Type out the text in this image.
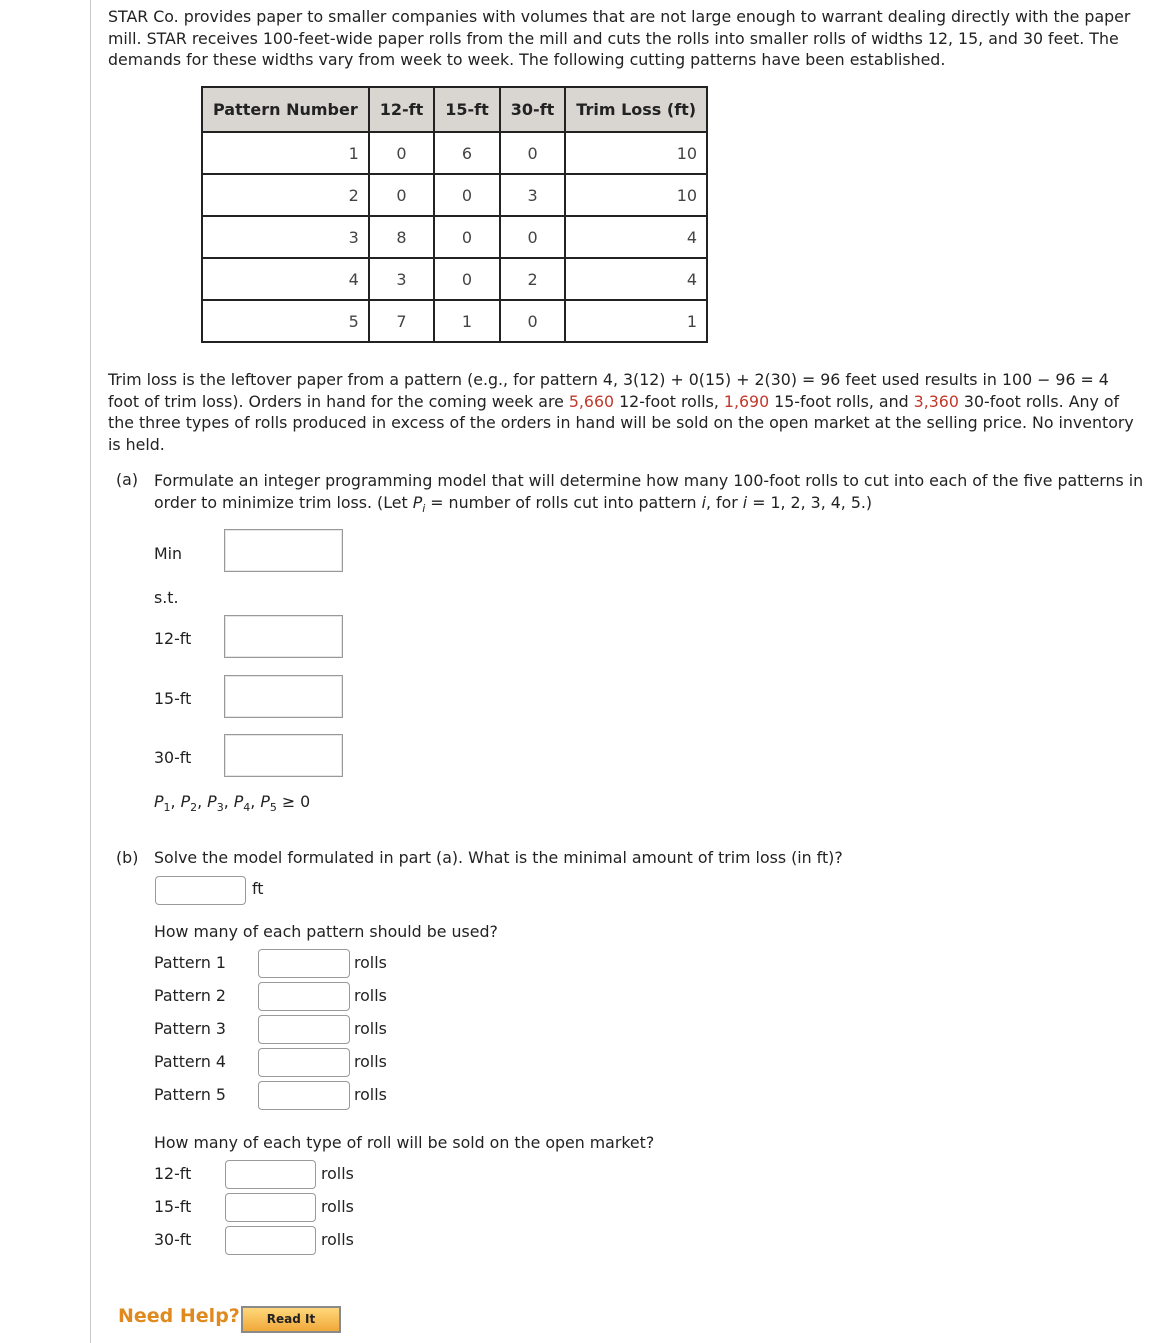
STAR Co. provides paper to smaller companies with volumes that are not large enough to warrant dealing directly with the paper
mill. STAR receives 100-feet-wide paper rolls from the mill and cuts the rolls into smaller rolls of widths 12, 15, and 30 feet. The
demands for these widths vary from week to week. The following cutting patterns have been established.
Pattern Number	12-ft	15-ft	30-ft	Trim Loss (ft)
1	0	6	0	10
2	0	0	3	10
3	8	0	0	4
4	3	0	2	4
5	7	1	0	1
Trim loss is the leftover paper from a pattern (e.g., for pattern 4, 3(12) + 0(15) + 2(30) = 96 feet used results in 100 − 96 = 4
foot of trim loss). Orders in hand for the coming week are 5,660 12-foot rolls, 1,690 15-foot rolls, and 3,360 30-foot rolls. Any of
the three types of rolls produced in excess of the orders in hand will be sold on the open market at the selling price. No inventory
is held.
(a) Formulate an integer programming model that will determine how many 100-foot rolls to cut into each of the five patterns in
order to minimize trim loss. (Let $P_i$ = number of rolls cut into pattern i, for i = 1, 2, 3, 4, 5.)
Min
s.t.
12-ft
15-ft
30-ft
$P_1$, $P_2$, $P_3$, $P_4$, $P_5 \ge 0$
(b) Solve the model formulated in part (a). What is the minimal amount of trim loss (in ft)?
ft
How many of each pattern should be used?
Pattern 1	rolls
Pattern 2	rolls
Pattern 3	rolls
Pattern 4	rolls
Pattern 5	rolls
How many of each type of roll will be sold on the open market?
12-ft	rolls
15-ft	rolls
30-ft	rolls
Need Help?	Read It
